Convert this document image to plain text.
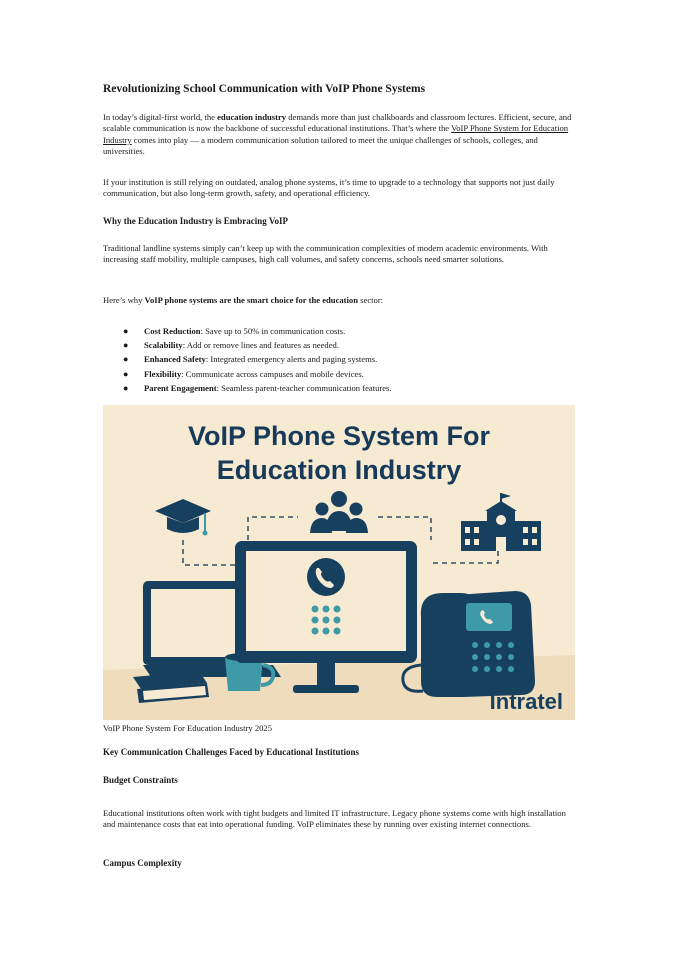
Revolutionizing School Communication with VoIP Phone Systems

In today’s digital-first world, the education industry demands more than just chalkboards and classroom lectures. Efficient, secure, and scalable communication is now the backbone of successful educational institutions. That’s where the VoIP Phone System for Education Industry comes into play — a modern communication solution tailored to meet the unique challenges of schools, colleges, and universities.

If your institution is still relying on outdated, analog phone systems, it’s time to upgrade to a technology that supports not just daily communication, but also long-term growth, safety, and operational efficiency.

Why the Education Industry is Embracing VoIP

Traditional landline systems simply can’t keep up with the communication complexities of modern academic environments. With increasing staff mobility, multiple campuses, high call volumes, and safety concerns, schools need smarter solutions.

Here’s why VoIP phone systems are the smart choice for the education sector:

● Cost Reduction: Save up to 50% in communication costs.
● Scalability: Add or remove lines and features as needed.
● Enhanced Safety: Integrated emergency alerts and paging systems.
● Flexibility: Communicate across campuses and mobile devices.
● Parent Engagement: Seamless parent-teacher communication features.
VoIP Phone System For
Education Industry
Intratel
VoIP Phone System For Education Industry 2025
Key Communication Challenges Faced by Educational Institutions
Budget Constraints

Educational institutions often work with tight budgets and limited IT infrastructure. Legacy phone systems come with high installation and maintenance costs that eat into operational funding. VoIP eliminates these by running over existing internet connections.

Campus Complexity
